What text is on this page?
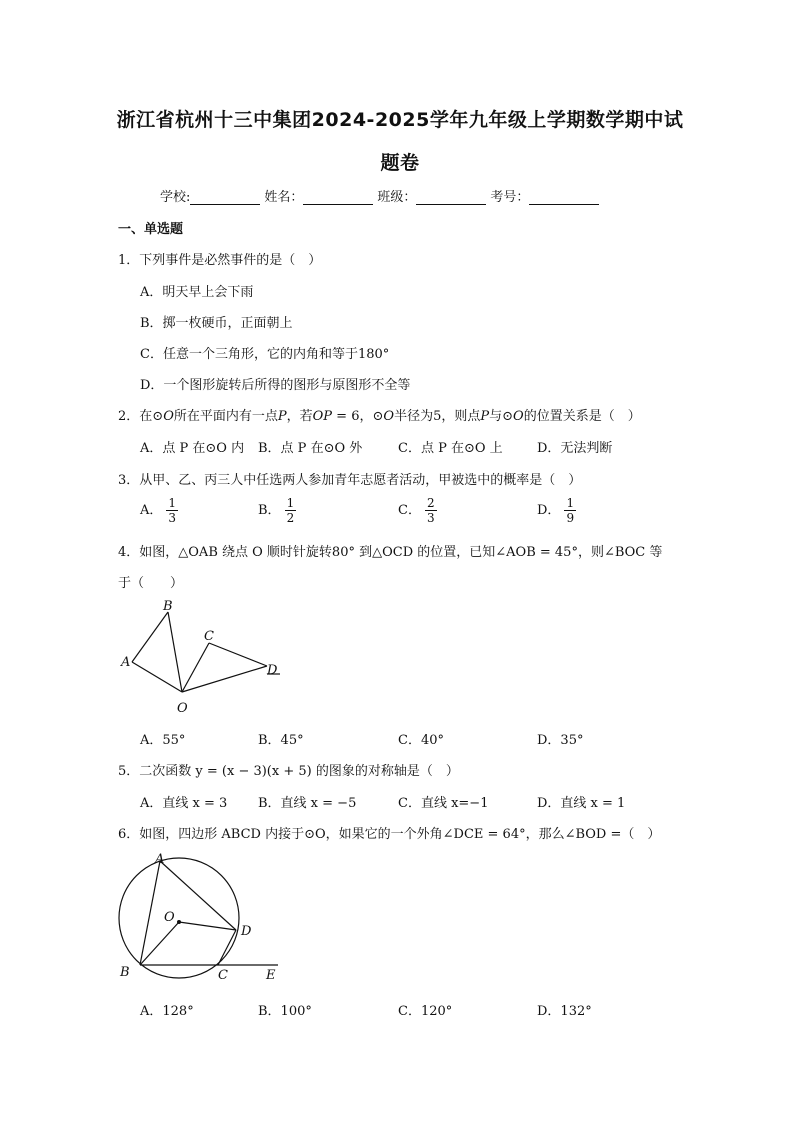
浙江省杭州十三中集团2024-2025学年九年级上学期数学期中试
题卷
学校:	姓名：	班级：	考号：
一、单选题
1．下列事件是必然事件的是（　）
A．明天早上会下雨
B．掷一枚硬币，正面朝上
C．任意一个三角形，它的内角和等于180°
D．一个图形旋转后所得的图形与原图形不全等
2．在⊙O所在平面内有一点P，若OP = 6，⊙O半径为5，则点P与⊙O的位置关系是（　）
A．点 P 在⊙O 内 B．点 P 在⊙O 外	C．点 P 在⊙O 上	D．无法判断
3．从甲、乙、丙三人中任选两人参加青年志愿者活动，甲被选中的概率是（　）
A． $\frac{1}{3}$	B． $\frac{1}{2}$	C． $\frac{2}{3}$	D． $\frac{1}{9}$
4．如图，△OAB 绕点 O 顺时针旋转80° 到△OCD 的位置，已知∠AOB = 45°，则∠BOC 等
于（　　）
A
B
C
D
O
A．55°	B．45°	C．40°	D．35°
5．二次函数 y = (x − 3)(x + 5) 的图象的对称轴是（　）
A．直线 x = 3 B．直线 x = −5	C．直线 x=−1	D．直线 x = 1
6．如图，四边形 ABCD 内接于⊙O，如果它的一个外角∠DCE = 64°，那么∠BOD =（　）
A
O
D
B	C	E
A．128°	B．100°	C．120°	D．132°
